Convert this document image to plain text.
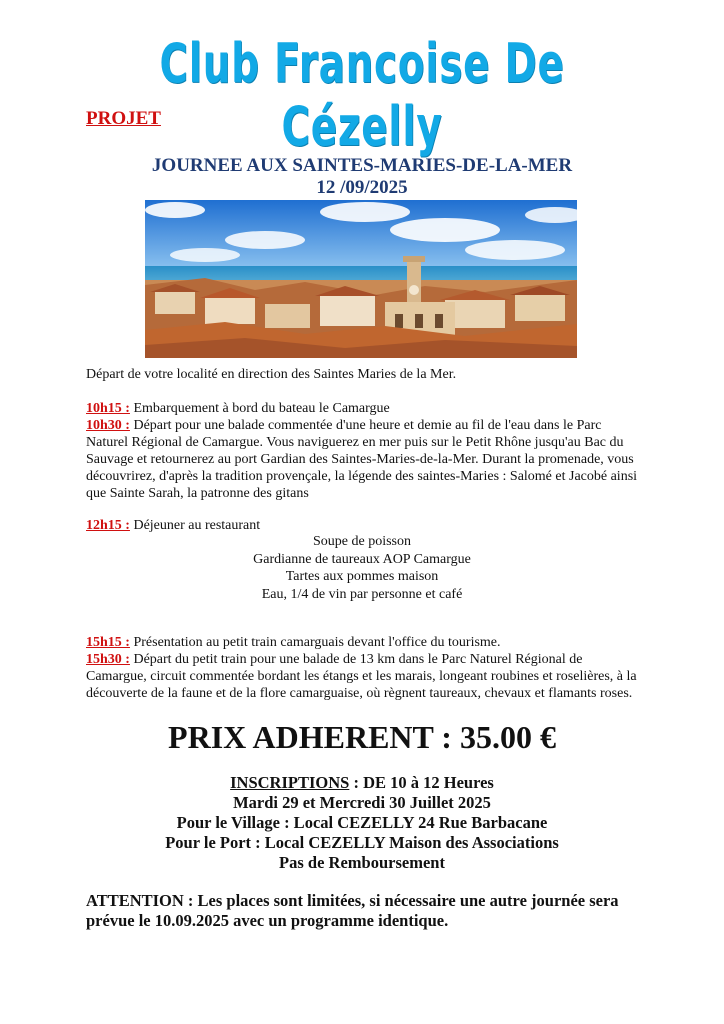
Club Francoise De Cézelly
PROJET
JOURNEE AUX SAINTES-MARIES-DE-LA-MER
12 /09/2025
Départ de votre localité en direction des Saintes Maries de la Mer.
10h15 : Embarquement à bord du bateau le Camargue
10h30 : Départ pour une balade commentée d'une heure et demie au fil de l'eau dans le Parc Naturel Régional de Camargue. Vous naviguerez en mer puis sur le Petit Rhône jusqu'au Bac du Sauvage et retournerez au port Gardian des Saintes-Maries-de-la-Mer. Durant la promenade, vous découvrirez, d'après la tradition provençale, la légende des saintes-Maries : Salomé et Jacobé ainsi que Sainte Sarah, la patronne des gitans
12h15 : Déjeuner au restaurant
Soupe de poisson
Gardianne de taureaux AOP Camargue
Tartes aux pommes maison
Eau, 1/4 de vin par personne et café
15h15 : Présentation au petit train camarguais devant l'office du tourisme.
15h30 : Départ du petit train pour une balade de 13 km dans le Parc Naturel Régional de Camargue, circuit commentée bordant les étangs et les marais, longeant roubines et roselières, à la découverte de la faune et de la flore camarguaise, où règnent taureaux, chevaux et flamants roses.
PRIX ADHERENT : 35.00 €
INSCRIPTIONS : DE 10 à 12 Heures
Mardi 29 et Mercredi 30 Juillet 2025
Pour le Village : Local CEZELLY 24 Rue Barbacane
Pour le Port : Local CEZELLY Maison des Associations
Pas de Remboursement
ATTENTION : Les places sont limitées, si nécessaire une autre journée sera prévue le 10.09.2025 avec un programme identique.
